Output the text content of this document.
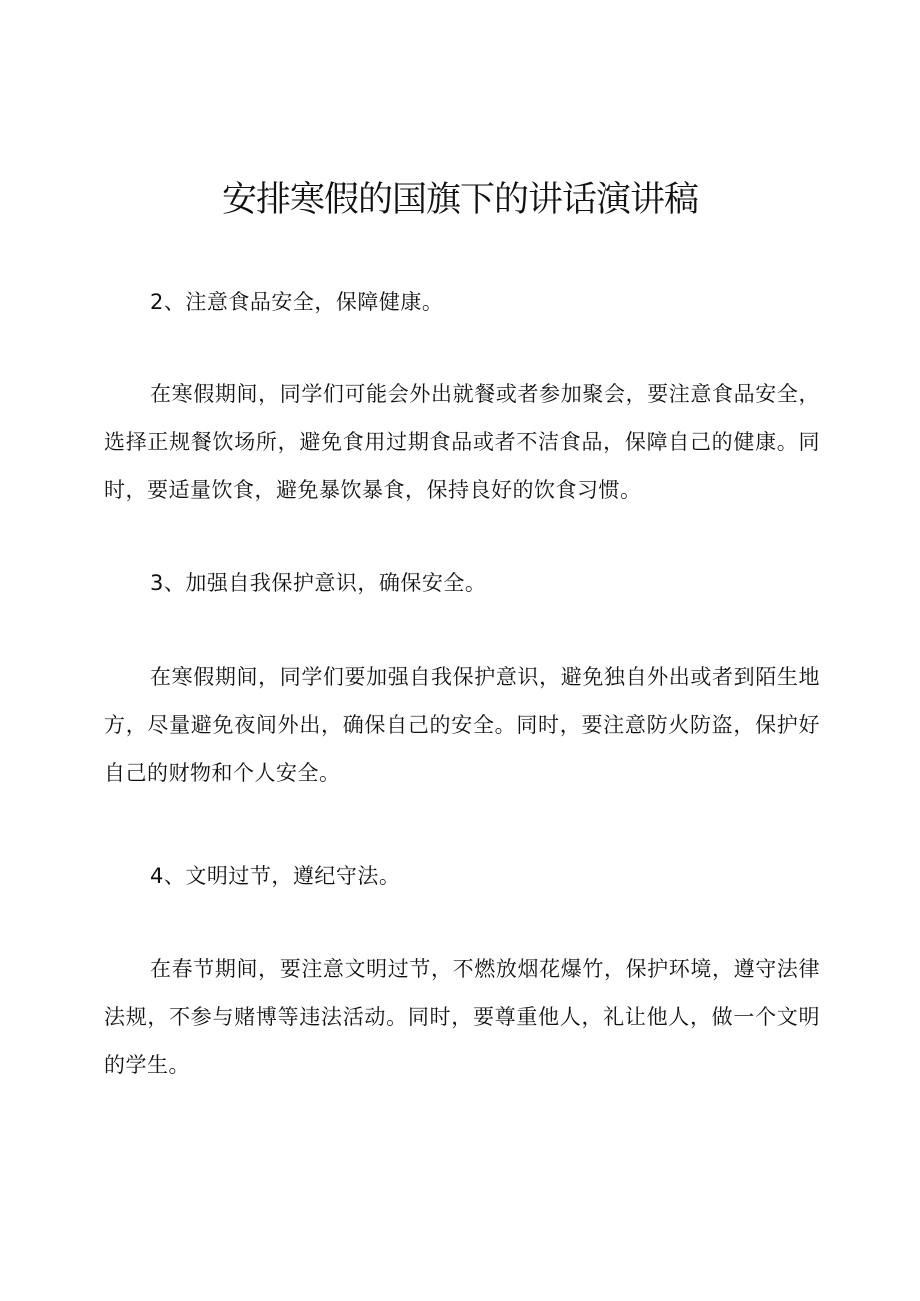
安排寒假的国旗下的讲话演讲稿
2、注意食品安全，保障健康。
在寒假期间，同学们可能会外出就餐或者参加聚会，要注意食品安全，选择正规餐饮场所，避免食用过期食品或者不洁食品，保障自己的健康。同时，要适量饮食，避免暴饮暴食，保持良好的饮食习惯。
3、加强自我保护意识，确保安全。
在寒假期间，同学们要加强自我保护意识，避免独自外出或者到陌生地方，尽量避免夜间外出，确保自己的安全。同时，要注意防火防盗，保护好自己的财物和个人安全。
4、文明过节，遵纪守法。
在春节期间，要注意文明过节，不燃放烟花爆竹，保护环境，遵守法律法规，不参与赌博等违法活动。同时，要尊重他人，礼让他人，做一个文明的学生。
